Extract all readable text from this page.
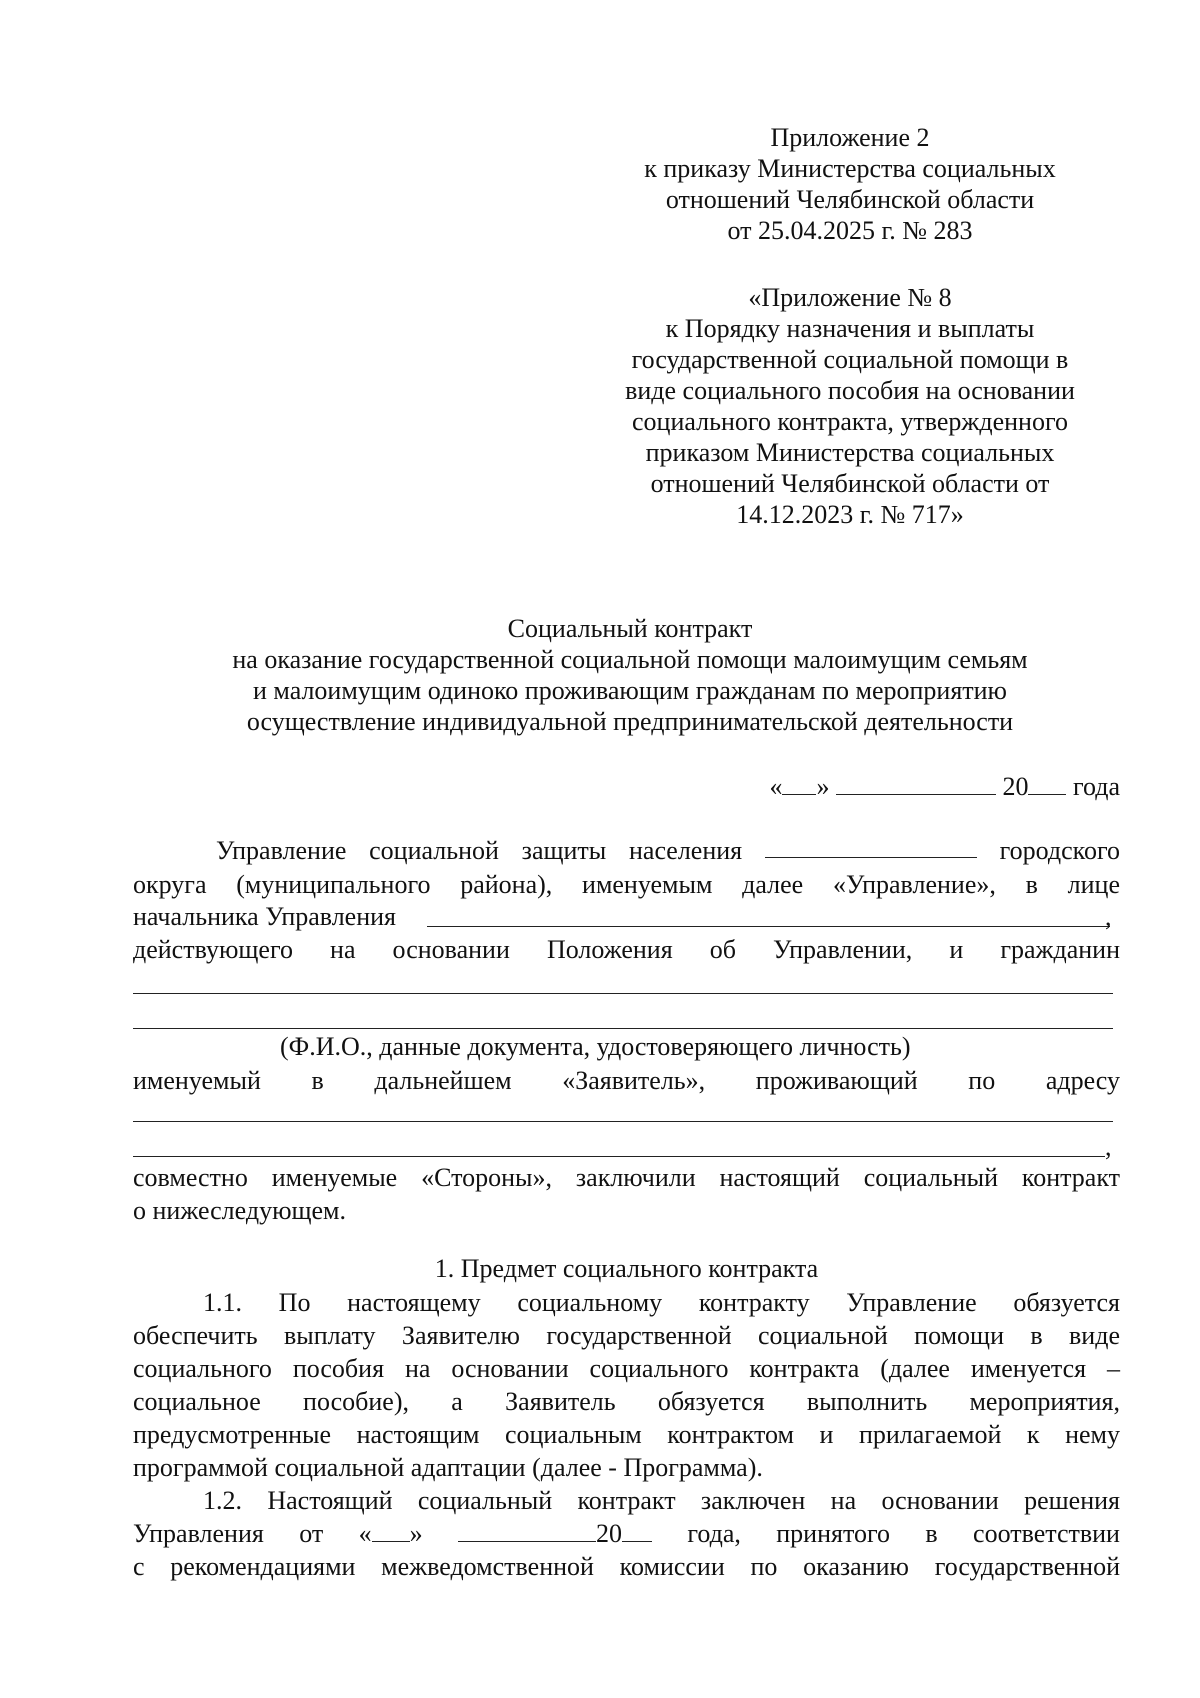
Приложение 2
к приказу Министерства социальных
отношений Челябинской области
от 25.04.2025 г. № 283
«Приложение № 8
к Порядку назначения и выплаты
государственной социальной помощи в
виде социального пособия на основании
социального контракта, утвержденного
приказом Министерства социальных
отношений Челябинской области от
14.12.2023 г. № 717»
Социальный контракт
на оказание государственной социальной помощи малоимущим семьям
и малоимущим одиноко проживающим гражданам по мероприятию
осуществление индивидуальной предпринимательской деятельности
« »	20 года
Управление социальной защиты населения	городского
округа (муниципального района), именуемым далее «Управление», в лице
начальника Управления	,
действующего на основании Положения об Управлении, и гражданин
(Ф.И.О., данные документа, удостоверяющего личность)
именуемый в дальнейшем «Заявитель», проживающий по адресу
,
совместно именуемые «Стороны», заключили настоящий социальный контракт
о нижеследующем.
1. Предмет социального контракта
1.1. По настоящему социальному контракту Управление обязуется
обеспечить выплату Заявителю государственной социальной помощи в виде
социального пособия на основании социального контракта (далее именуется –
социальное пособие), а Заявитель обязуется выполнить мероприятия,
предусмотренные настоящим социальным контрактом и прилагаемой к нему
программой социальной адаптации (далее - Программа).
1.2. Настоящий социальный контракт заключен на основании решения
Управления от « »	20	года, принятого в соответствии
с рекомендациями межведомственной комиссии по оказанию государственной
